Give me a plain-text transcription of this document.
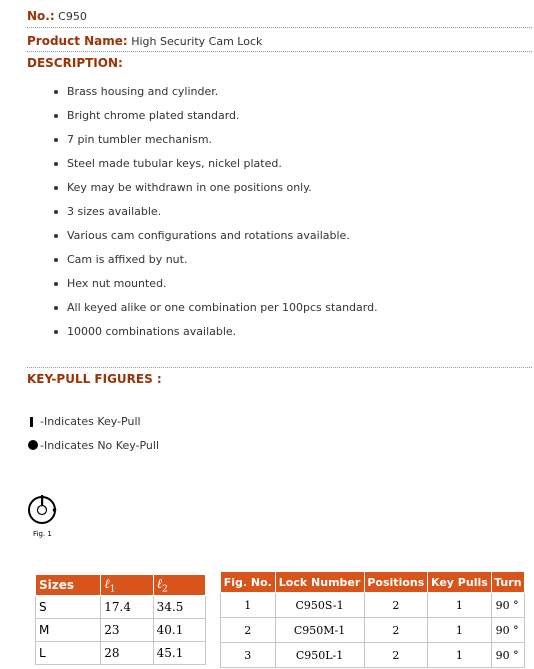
No.: C950
Product Name: High Security Cam Lock
DESCRIPTION:
Brass housing and cylinder.
Bright chrome plated standard.
7 pin tumbler mechanism.
Steel made tubular keys, nickel plated.
Key may be withdrawn in one positions only.
3 sizes available.
Various cam configurations and rotations available.
Cam is affixed by nut.
Hex nut mounted.
All keyed alike or one combination per 100pcs standard.
10000 combinations available.
KEY-PULL FIGURES :
-Indicates Key-Pull
-Indicates No Key-Pull
Fig. 1
Sizes	ℓ$_1$	ℓ$_2$
S	17.4	34.5
M	23	40.1
L	28	45.1
Fig. No.	Lock Number	Positions	Key Pulls	Turn
1	C950S-1	2	1	90 °
2	C950M-1	2	1	90 °
3	C950L-1	2	1	90 °
